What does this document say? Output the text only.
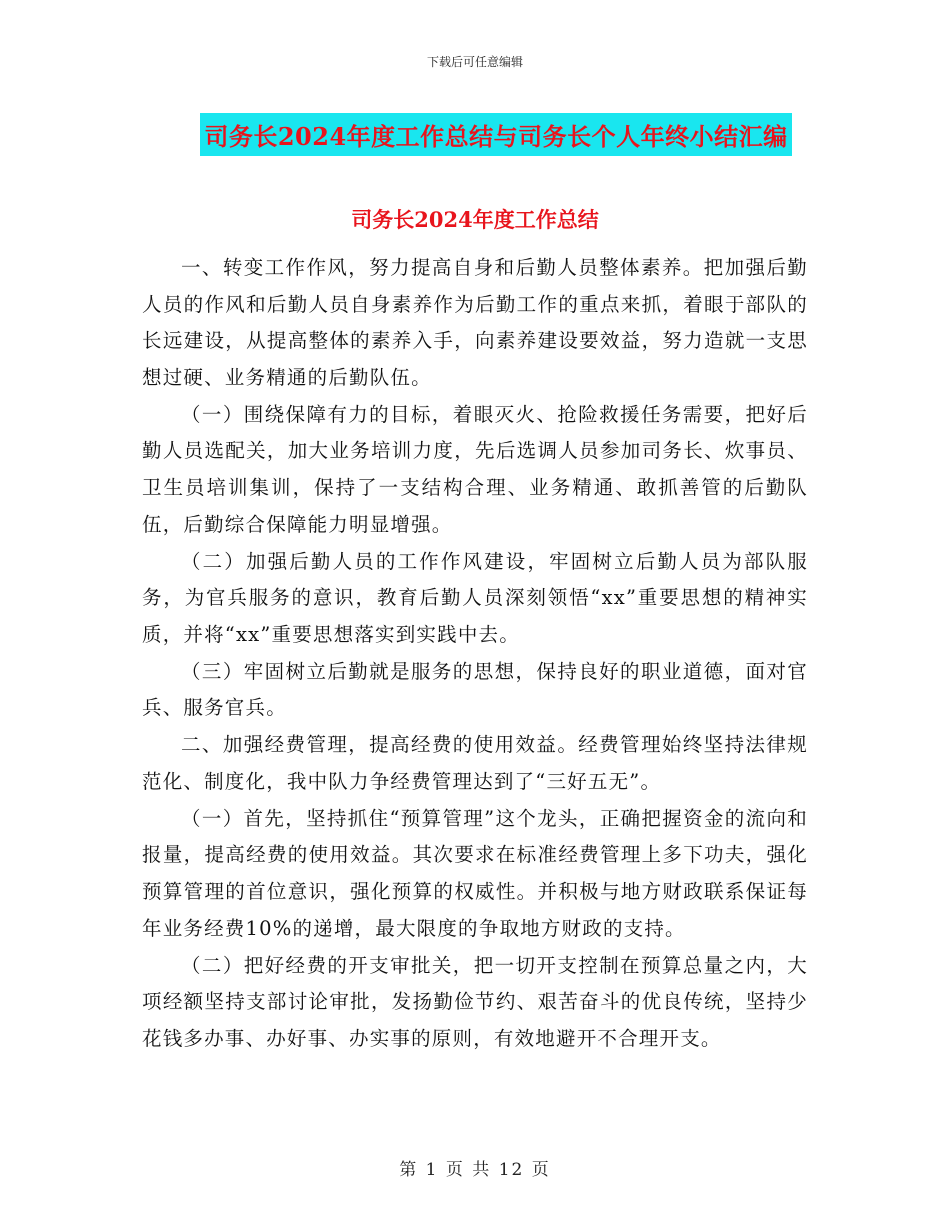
下载后可任意编辑
司务长2024年度工作总结与司务长个人年终小结汇编
司务长2024年度工作总结

一、转变工作作风，努力提高自身和后勤人员整体素养。把加强后勤人员的作风和后勤人员自身素养作为后勤工作的重点来抓，着眼于部队的长远建设，从提高整体的素养入手，向素养建设要效益，努力造就一支思想过硬、业务精通的后勤队伍。

（一）围绕保障有力的目标，着眼灭火、抢险救援任务需要，把好后勤人员选配关，加大业务培训力度，先后选调人员参加司务长、炊事员、卫生员培训集训，保持了一支结构合理、业务精通、敢抓善管的后勤队伍，后勤综合保障能力明显增强。

（二）加强后勤人员的工作作风建设，牢固树立后勤人员为部队服务，为官兵服务的意识，教育后勤人员深刻领悟“xx”重要思想的精神实质，并将“xx”重要思想落实到实践中去。

（三）牢固树立后勤就是服务的思想，保持良好的职业道德，面对官兵、服务官兵。

二、加强经费管理，提高经费的使用效益。经费管理始终坚持法律规范化、制度化，我中队力争经费管理达到了“三好五无”。

（一）首先，坚持抓住“预算管理”这个龙头，正确把握资金的流向和报量，提高经费的使用效益。其次要求在标准经费管理上多下功夫，强化预算管理的首位意识，强化预算的权威性。并积极与地方财政联系保证每年业务经费10%的递增，最大限度的争取地方财政的支持。

（二）把好经费的开支审批关，把一切开支控制在预算总量之内，大项经额坚持支部讨论审批，发扬勤俭节约、艰苦奋斗的优良传统，坚持少花钱多办事、办好事、办实事的原则，有效地避开不合理开支。

第 1 页 共 12 页
